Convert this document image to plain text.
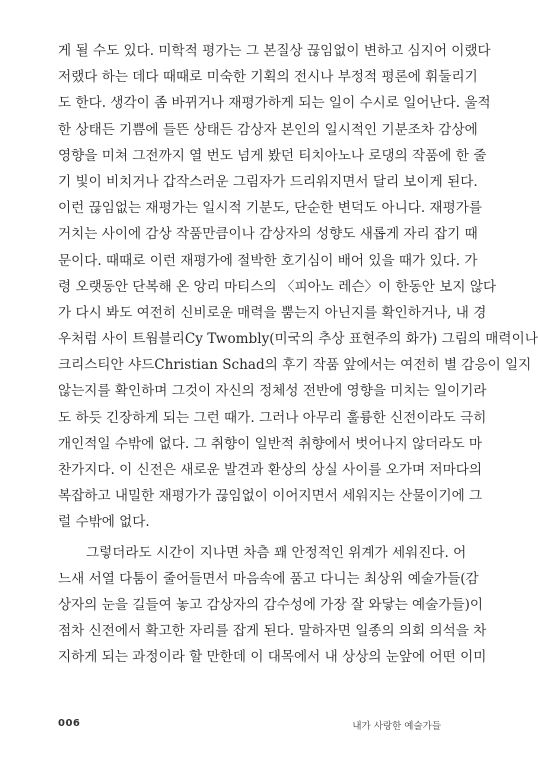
게 될 수도 있다. 미학적 평가는 그 본질상 끊임없이 변하고 심지어 이랬다
저랬다 하는 데다 때때로 미숙한 기획의 전시나 부정적 평론에 휘둘리기
도 한다. 생각이 좀 바뀌거나 재평가하게 되는 일이 수시로 일어난다. 울적
한 상태든 기쁨에 들뜬 상태든 감상자 본인의 일시적인 기분조차 감상에
영향을 미쳐 그전까지 열 번도 넘게 봤던 티치아노나 로댕의 작품에 한 줄
기 빛이 비치거나 갑작스러운 그림자가 드리워지면서 달리 보이게 된다.
이런 끊임없는 재평가는 일시적 기분도, 단순한 변덕도 아니다. 재평가를
거치는 사이에 감상 작품만큼이나 감상자의 성향도 새롭게 자리 잡기 때
문이다. 때때로 이런 재평가에 절박한 호기심이 배어 있을 때가 있다. 가
령 오랫동안 단복해 온 앙리 마티스의 〈피아노 레슨〉이 한동안 보지 않다
가 다시 봐도 여전히 신비로운 매력을 뿜는지 아닌지를 확인하거나, 내 경
우처럼 사이 트웜블리Cy Twombly(미국의 추상 표현주의 화가) 그림의 매력이나
크리스티안 샤드Christian Schad의 후기 작품 앞에서는 여전히 별 감응이 일지
않는지를 확인하며 그것이 자신의 정체성 전반에 영향을 미치는 일이기라
도 하듯 긴장하게 되는 그런 때가. 그러나 아무리 훌륭한 신전이라도 극히
개인적일 수밖에 없다. 그 취향이 일반적 취향에서 벗어나지 않더라도 마
찬가지다. 이 신전은 새로운 발견과 환상의 상실 사이를 오가며 저마다의
복잡하고 내밀한 재평가가 끊임없이 이어지면서 세워지는 산물이기에 그
럴 수밖에 없다.
그렇더라도 시간이 지나면 차츰 꽤 안정적인 위계가 세워진다. 어
느새 서열 다툼이 줄어들면서 마음속에 품고 다니는 최상위 예술가들(감
상자의 눈을 길들여 놓고 감상자의 감수성에 가장 잘 와닿는 예술가들)이
점차 신전에서 확고한 자리를 잡게 된다. 말하자면 일종의 의회 의석을 차
지하게 되는 과정이라 할 만한데 이 대목에서 내 상상의 눈앞에 어떤 이미
006	내가 사랑한 예술가들
